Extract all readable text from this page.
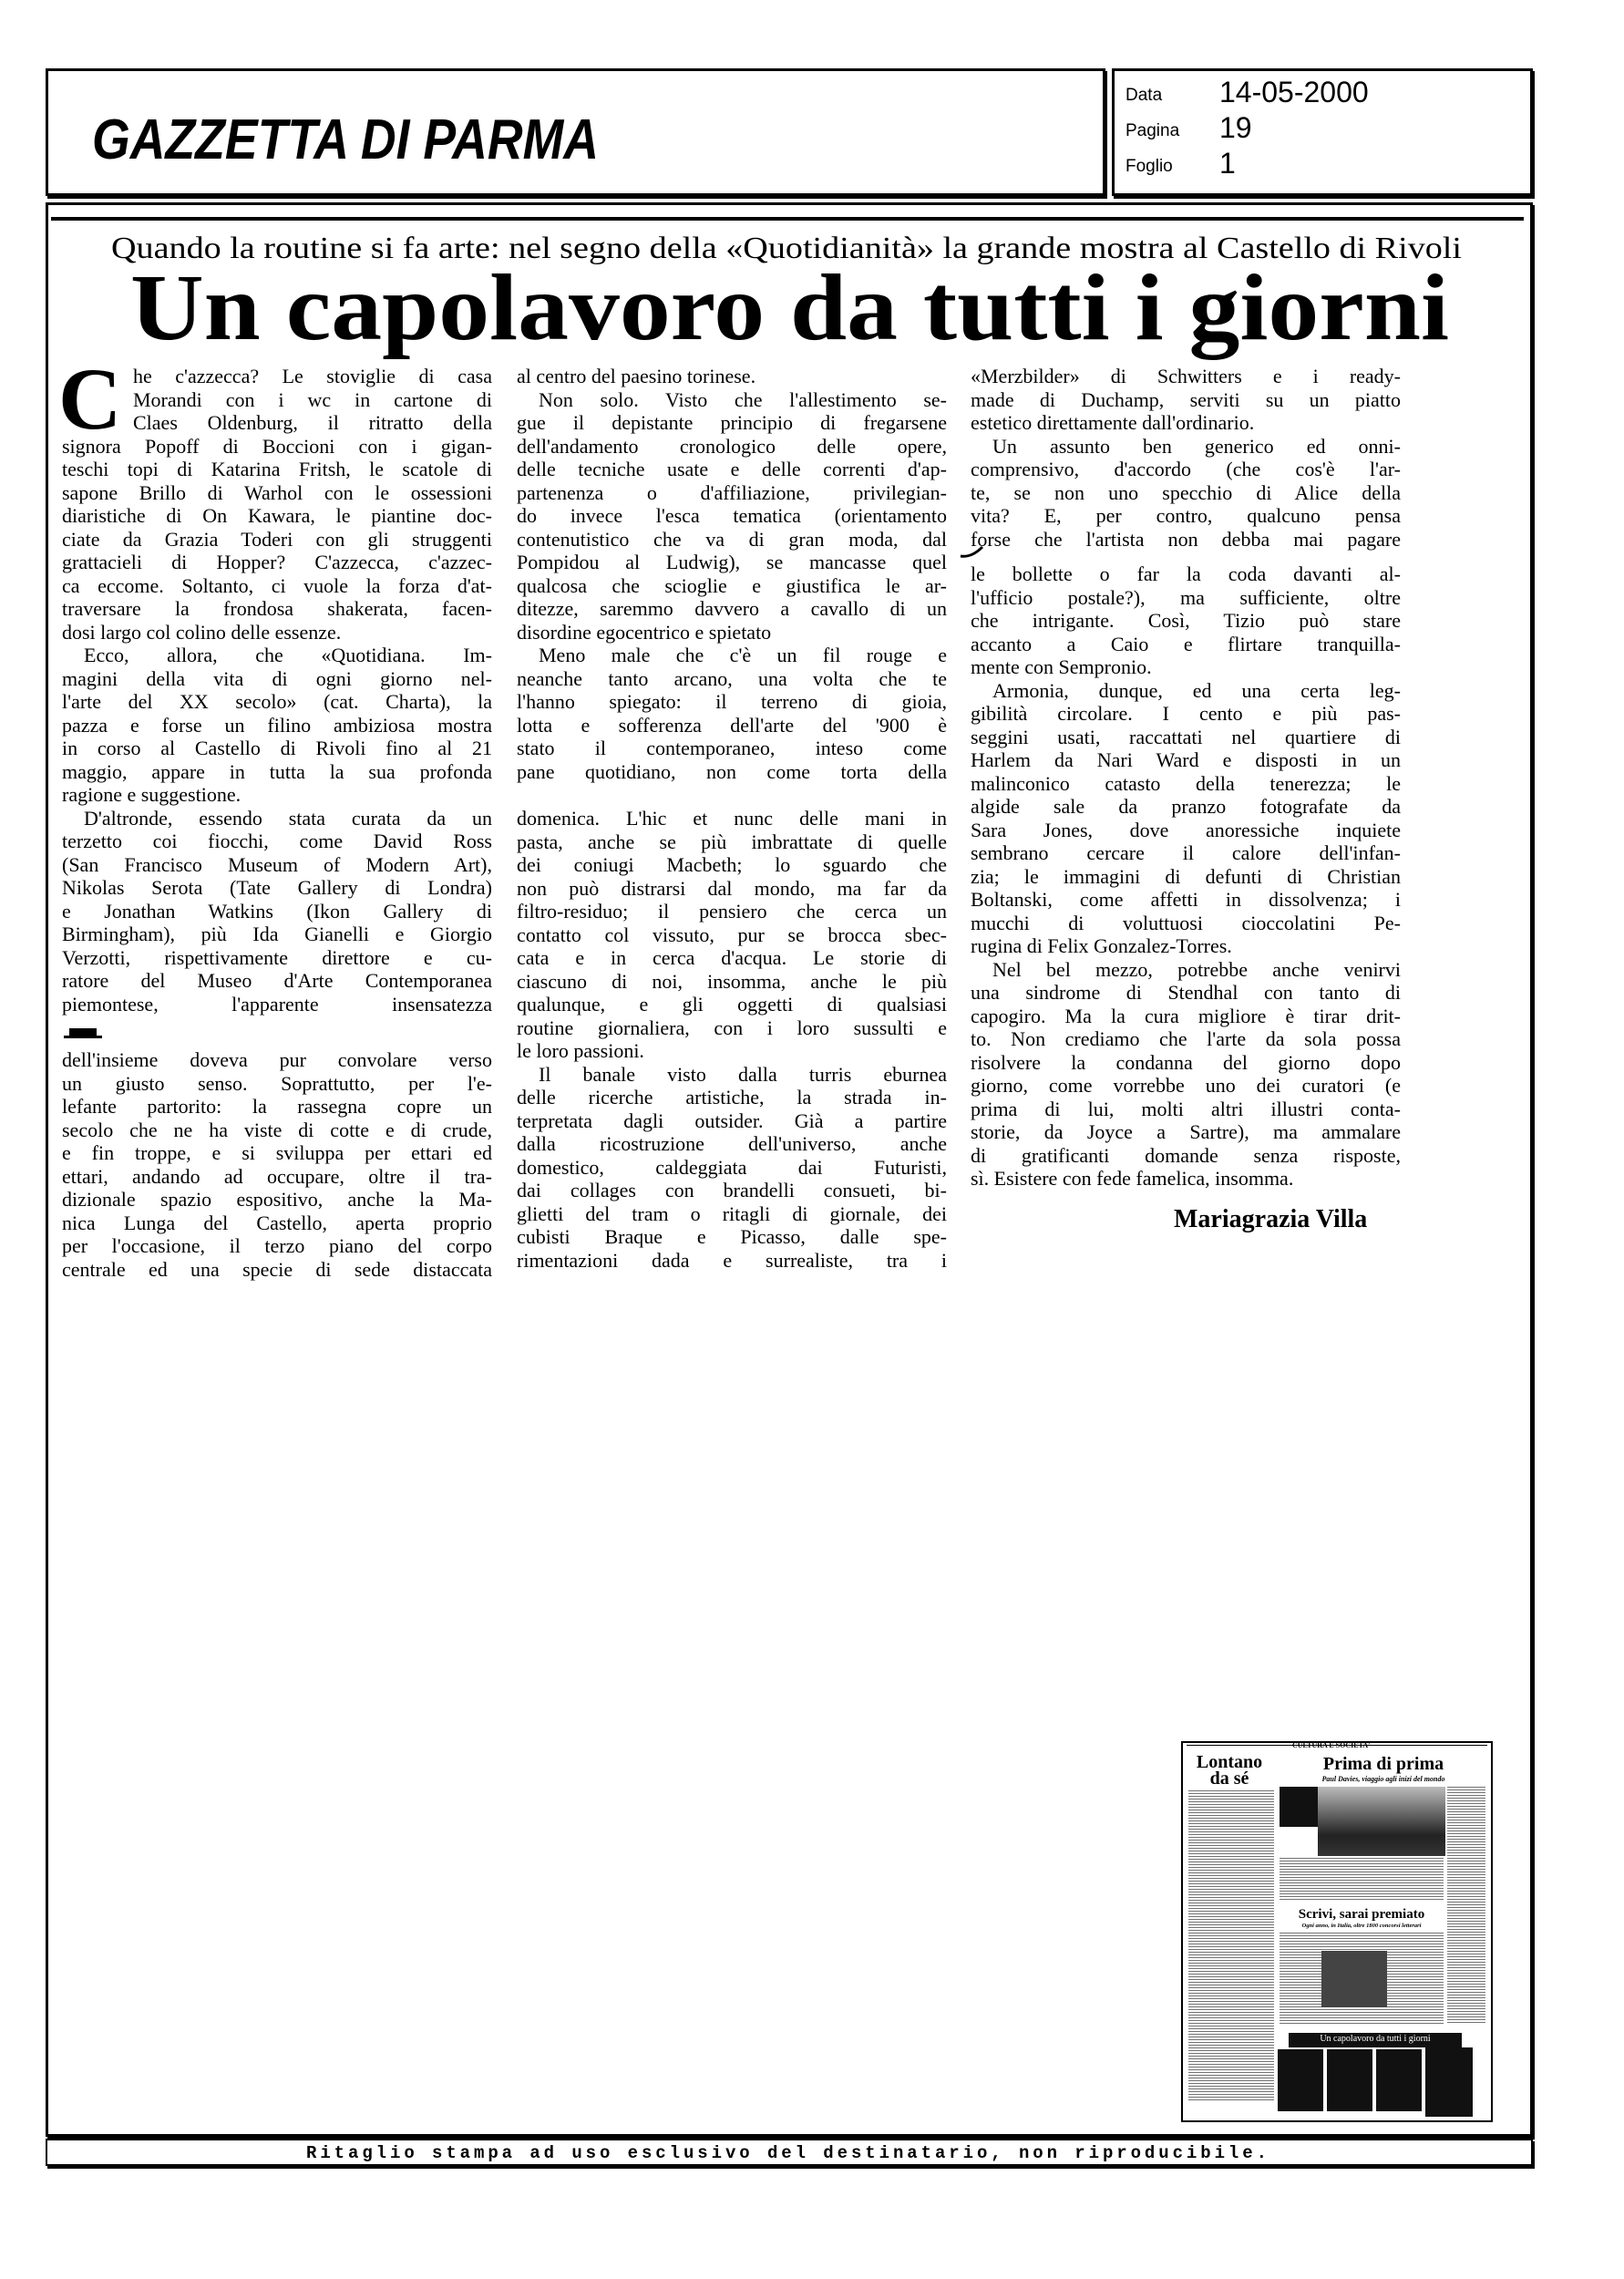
GAZZETTA DI PARMA
Data 14-05-2000
Pagina 19
Foglio 1
Quando la routine si fa arte: nel segno della «Quotidianità» la grande mostra al Castello di Rivoli
Un capolavoro da tutti i giorni
C he c'azzecca? Le stoviglie di casa
Morandi con i wc in cartone di
Claes Oldenburg, il ritratto della
signora Popoff di Boccioni con i gigan-
teschi topi di Katarina Fritsh, le scatole di
sapone Brillo di Warhol con le ossessioni
diaristiche di On Kawara, le piantine doc-
ciate da Grazia Toderi con gli struggenti
grattacieli di Hopper? C'azzecca, c'azzec-
ca eccome. Soltanto, ci vuole la forza d'at-
traversare la frondosa shakerata, facen-
dosi largo col colino delle essenze.
Ecco, allora, che «Quotidiana. Im-
magini della vita di ogni giorno nel-
l'arte del XX secolo» (cat. Charta), la
pazza e forse un filino ambiziosa mostra
in corso al Castello di Rivoli fino al 21
maggio, appare in tutta la sua profonda
ragione e suggestione.
D'altronde, essendo stata curata da un
terzetto coi fiocchi, come David Ross
(San Francisco Museum of Modern Art),
Nikolas Serota (Tate Gallery di Londra)
e Jonathan Watkins (Ikon Gallery di
Birmingham), più Ida Gianelli e Giorgio
Verzotti, rispettivamente direttore e cu-
ratore del Museo d'Arte Contemporanea
piemontese, l'apparente insensatezza
dell'insieme doveva pur convolare verso
un giusto senso. Soprattutto, per l'e-
lefante partorito: la rassegna copre un
secolo che ne ha viste di cotte e di crude,
e fin troppe, e si sviluppa per ettari ed
ettari, andando ad occupare, oltre il tra-
dizionale spazio espositivo, anche la Ma-
nica Lunga del Castello, aperta proprio
per l'occasione, il terzo piano del corpo
centrale ed una specie di sede distaccata
al centro del paesino torinese.
Non solo. Visto che l'allestimento se-
gue il depistante principio di fregarsene
dell'andamento cronologico delle opere,
delle tecniche usate e delle correnti d'ap-
partenenza o d'affiliazione, privilegian-
do invece l'esca tematica (orientamento
contenutistico che va di gran moda, dal
Pompidou al Ludwig), se mancasse quel
qualcosa che scioglie e giustifica le ar-
ditezze, saremmo davvero a cavallo di un
disordine egocentrico e spietato
Meno male che c'è un fil rouge e
neanche tanto arcano, una volta che te
l'hanno spiegato: il terreno di gioia,
lotta e sofferenza dell'arte del '900 è
stato il contemporaneo, inteso come
pane quotidiano, non come torta della
domenica. L'hic et nunc delle mani in
pasta, anche se più imbrattate di quelle
dei coniugi Macbeth; lo sguardo che
non può distrarsi dal mondo, ma far da
filtro-residuo; il pensiero che cerca un
contatto col vissuto, pur se brocca sbec-
cata e in cerca d'acqua. Le storie di
ciascuno di noi, insomma, anche le più
qualunque, e gli oggetti di qualsiasi
routine giornaliera, con i loro sussulti e
le loro passioni.
Il banale visto dalla turris eburnea
delle ricerche artistiche, la strada in-
terpretata dagli outsider. Già a partire
dalla ricostruzione dell'universo, anche
domestico, caldeggiata dai Futuristi,
dai collages con brandelli consueti, bi-
glietti del tram o ritagli di giornale, dei
cubisti Braque e Picasso, dalle spe-
rimentazioni dada e surrealiste, tra i
«Merzbilder» di Schwitters e i ready-
made di Duchamp, serviti su un piatto
estetico direttamente dall'ordinario.
Un assunto ben generico ed onni-
comprensivo, d'accordo (che cos'è l'ar-
te, se non uno specchio di Alice della
vita? E, per contro, qualcuno pensa
forse che l'artista non debba mai pagare
le bollette o far la coda davanti al-
l'ufficio postale?), ma sufficiente, oltre
che intrigante. Così, Tizio può stare
accanto a Caio e flirtare tranquilla-
mente con Sempronio.
Armonia, dunque, ed una certa leg-
gibilità circolare. I cento e più pas-
seggini usati, raccattati nel quartiere di
Harlem da Nari Ward e disposti in un
malinconico catasto della tenerezza; le
algide sale da pranzo fotografate da
Sara Jones, dove anoressiche inquiete
sembrano cercare il calore dell'infan-
zia; le immagini di defunti di Christian
Boltanski, come affetti in dissolvenza; i
mucchi di voluttuosi cioccolatini Pe-
rugina di Felix Gonzalez-Torres.
Nel bel mezzo, potrebbe anche venirvi
una sindrome di Stendhal con tanto di
capogiro. Ma la cura migliore è tirar drit-
to. Non crediamo che l'arte da sola possa
risolvere la condanna del giorno dopo
giorno, come vorrebbe uno dei curatori (e
prima di lui, molti altri illustri conta-
storie, da Joyce a Sartre), ma ammalare
di gratificanti domande senza risposte,
sì. Esistere con fede famelica, insomma.
Mariagrazia Villa
CULTURA E SOCIETA'
Lontano da sé
Prima di prima
Paul Davies, viaggio agli inizi del mondo
Scrivi, sarai premiato
Ogni anno, in Italia, oltre 1800 concorsi letterari
Un capolavoro da tutti i giorni
Ritaglio stampa ad uso esclusivo del destinatario, non riproducibile.
